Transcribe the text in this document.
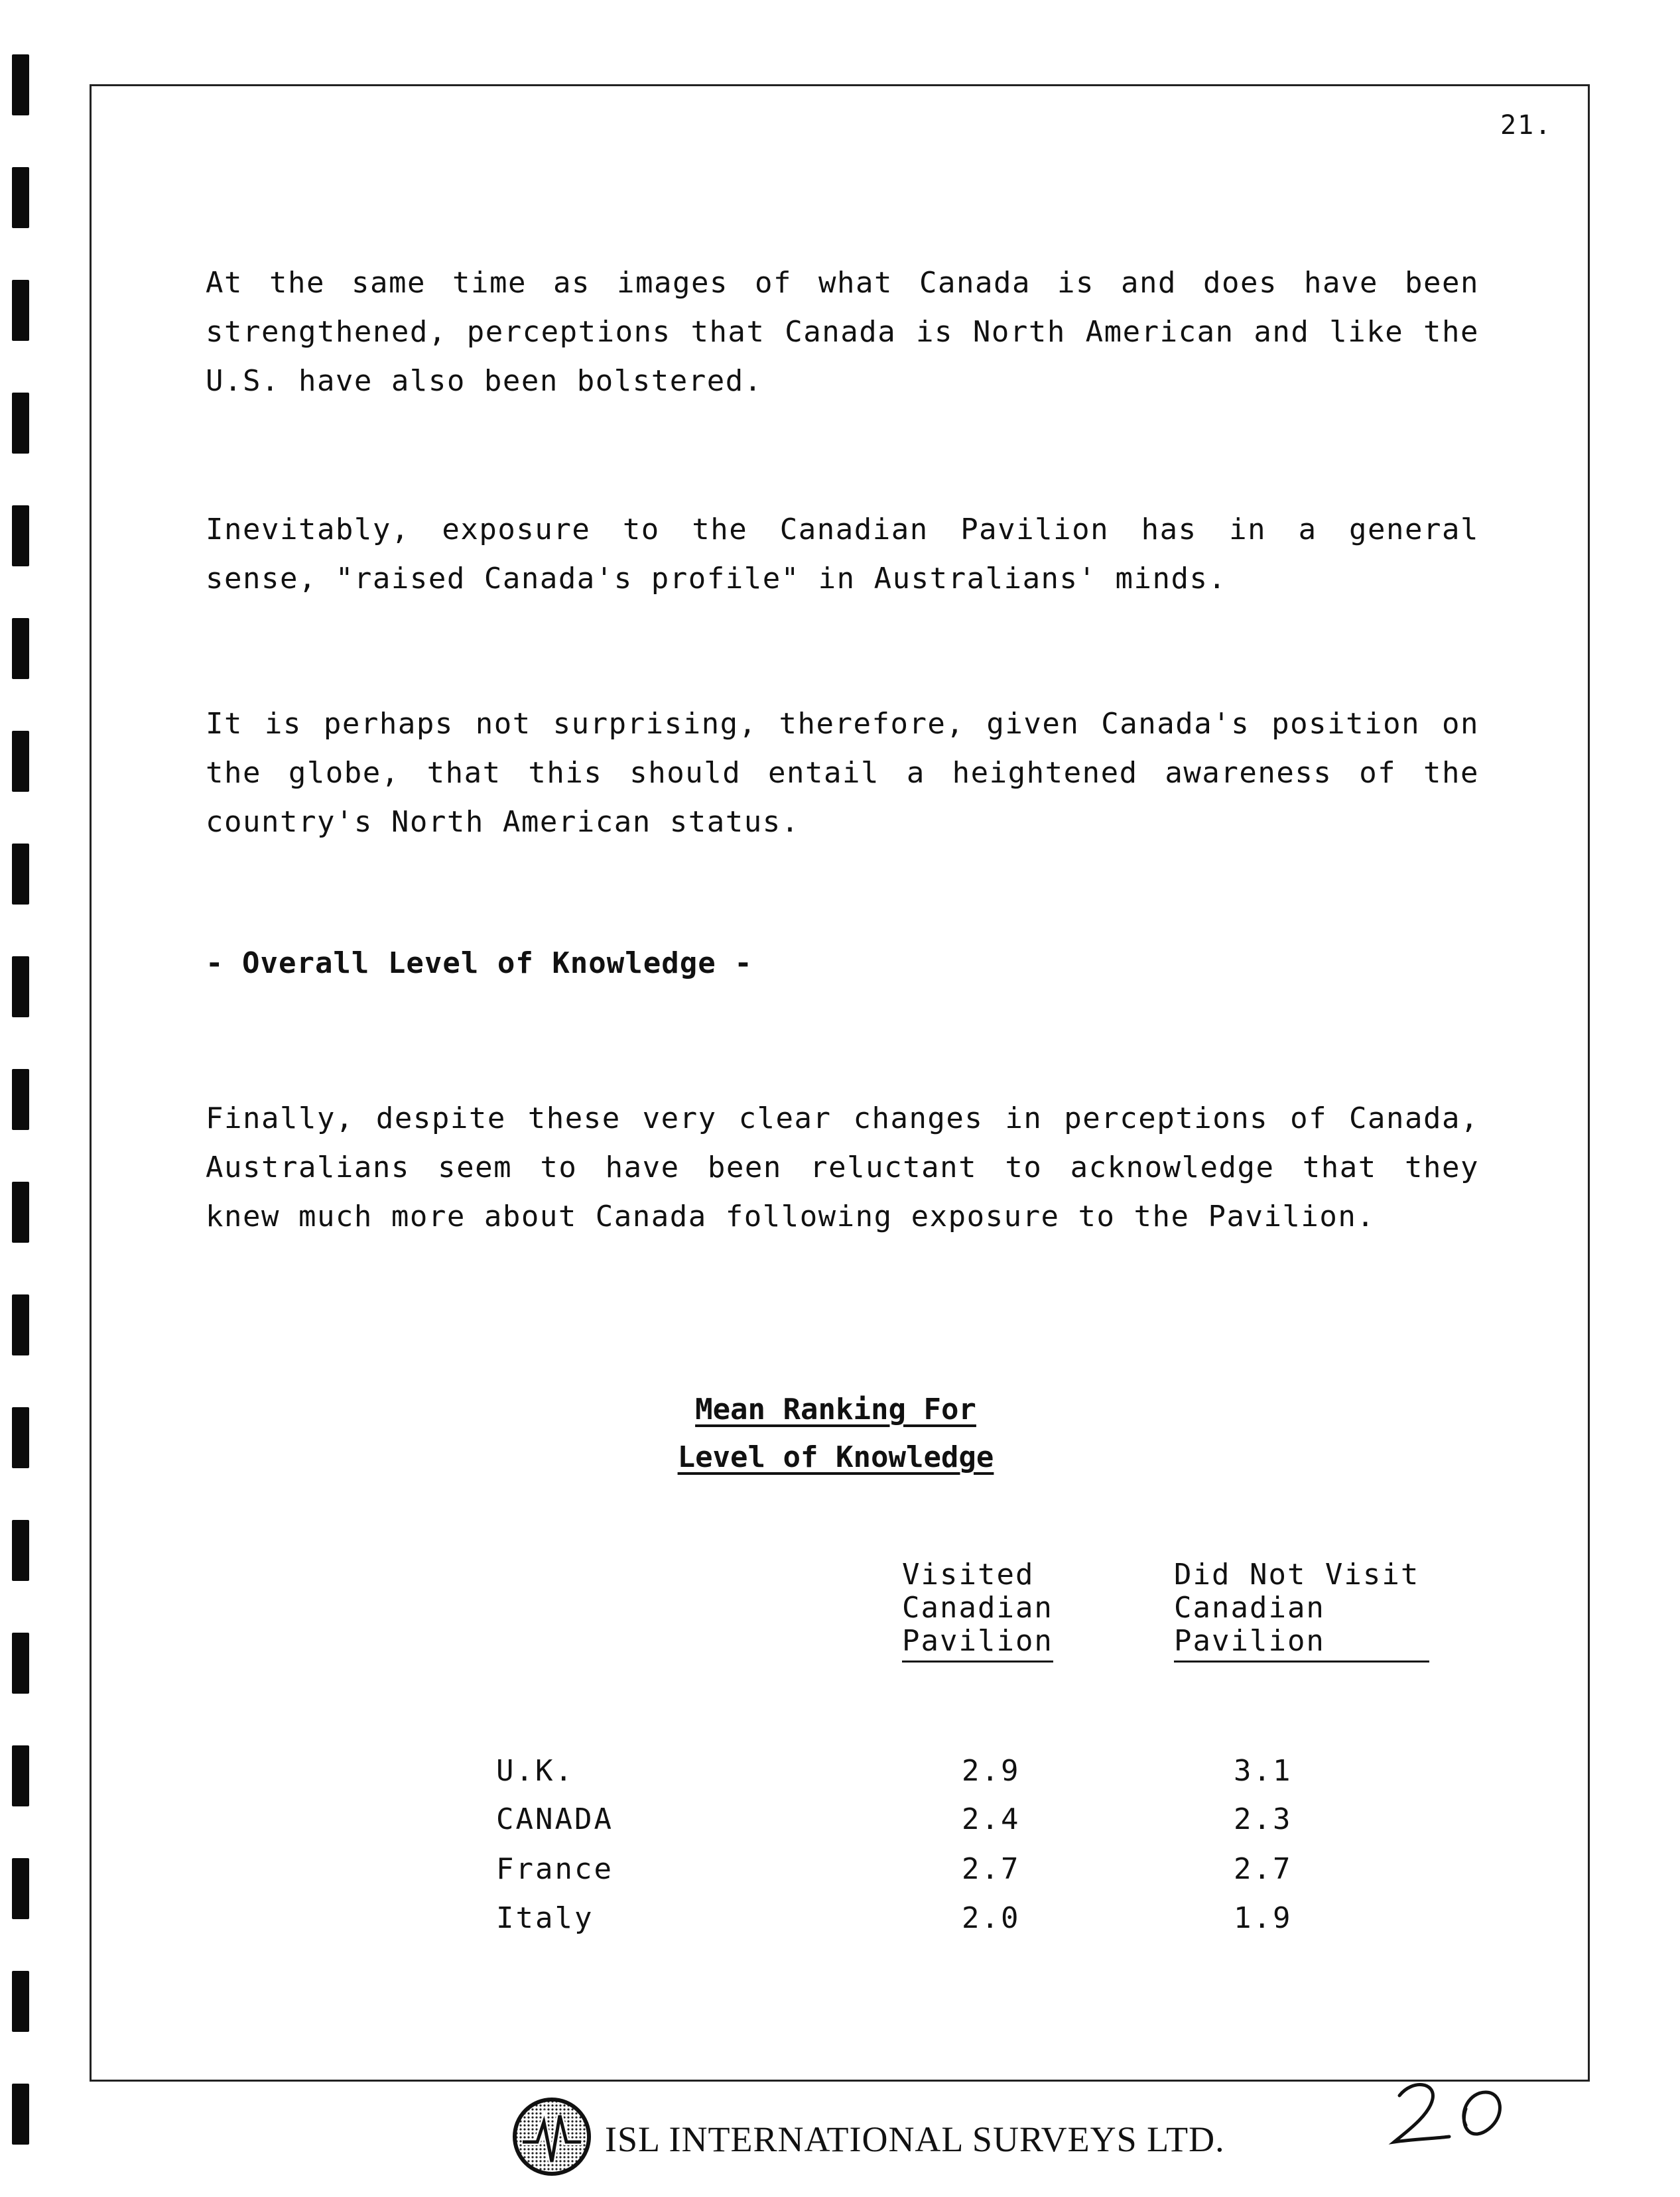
21.

At the same time as images of what Canada is and does have been strengthened, perceptions that Canada is North American and like the U.S. have also been bolstered.

Inevitably, exposure to the Canadian Pavilion has in a general sense, "raised Canada's profile" in Australians' minds.

It is perhaps not surprising, therefore, given Canada's position on the globe, that this should entail a heightened awareness of the country's North American status.

- Overall Level of Knowledge -

Finally, despite these very clear changes in perceptions of Canada, Australians seem to have been reluctant to acknowledge that they knew much more about Canada following exposure to the Pavilion.

Mean Ranking For
Level of Knowledge
Visited
Canadian
Pavilion
Did Not Visit
Canadian
Pavilion
U.K.	2.9	3.1
CANADA	2.4	2.3
France	2.7	2.7
Italy	2.0	1.9
ISL INTERNATIONAL SURVEYS LTD.
